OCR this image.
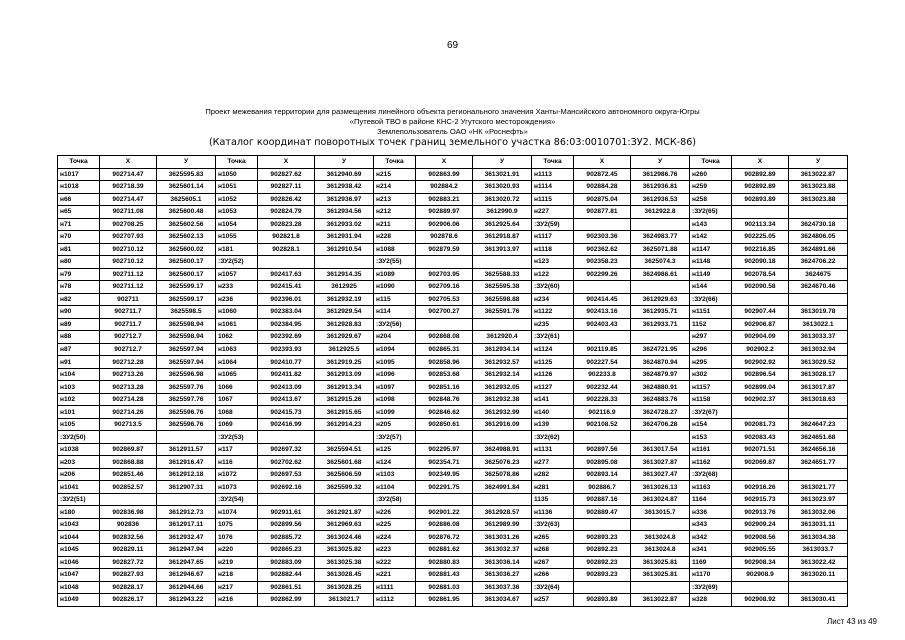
69
Проект межевания территории для размещения линейного объекта регионального значения Ханты-Мансийского автономного округа-Югры
«Путевой ТВО в районе КНС-2 Угутского месторождения»
Землепользователь ОАО «НК «Роснефть»
(Каталог координат поворотных точек границ земельного участка 86:03:0010701:ЗУ2. МСК-86)
Точка	X	У	Точка	X	У	Точка	X	У	Точка	X	У	Точка	X	У
н1017	902714.47	3625595.83	н1050	902827.62	3612940.69	н215	902863.99	3613021.91	н1113	902872.45	3612986.76	н260	902892.89	3613022.87
н1018	902718.39	3625601.14	н1051	902827.11	3612938.42	н214	902884.2	3613020.93	н1114	902884.28	3612936.81	н259	902892.89	3613023.88
н66	902714.47	3625605.1	н1052	902826.42	3612936.97	н213	902883.21	3613020.72	н1115	902875.04	3612936.53	н258	902893.89	3613023.88
н65	902711.08	3625600.48	н1053	902824.79	3612934.56	н212	902889.97	3612990.9	н227	902877.81	3612922.8	:ЗУ2(65)		
н71	902708.25	3625602.56	н1054	902823.28	3612933.02	н211	902906.06	3612925.64	:ЗУ2(59)			н143	902113.34	3624730.18
н70	902707.93	3625602.13	н1055	902821.8	3612931.94	н228	902878.6	3612918.87	н1117	902303.36	3624983.77	н142	902225.05	3624806.05
н81	902710.12	3625600.02	н181	902828.1	3612910.54	н1088	902879.59	3613913.97	н1118	902362.62	3625071.88	н1147	902216.85	3624891.66
н80	902710.12	3625600.17	:ЗУ2(52)			:ЗУ2(55)			н123	902358.23	3625074.3	н1148	902090.18	3624706.22
н79	902711.12	3625600.17	н1057	902417.63	3612914.35	н1089	902703.95	3625588.33	н122	902299.26	3624986.61	н1149	902078.54	3624675
н78	902711.12	3625599.17	н233	902415.41	3612925	н1090	902709.16	3625595.38	:ЗУ2(60)			н144	902090.58	3624670.46
н82	902711	3625599.17	н236	902396.01	3612932.19	н115	902705.53	3625598.88	н234	902414.45	3612929.63	:ЗУ2(66)		
н90	902711.7	3625598.5	н1060	902383.04	3612929.54	н114	902700.27	3625591.76	н1122	902413.16	3612935.71	н1151	902907.44	3613019.78
н89	902711.7	3625598.94	н1061	902384.95	3612928.83	:ЗУ2(56)			н235	902403.43	3612933.71	1152	902906.87	3613022.1
н88	902712.7	3625598.94	1062	902392.69	3612929.67	н204	902868.08	3612920.4	:ЗУ2(61)			н297	902904.09	3613033.37
н87	902712.7	3625597.94	н1063	902393.93	3612925.5	н1094	902865.31	3612934.14	н1124	902119.85	3624721.95	н296	902902.2	3613032.94
н91	902712.28	3625597.94	н1064	902410.77	3612919.25	н1095	902858.96	3612932.57	н1125	902227.54	3624870.94	н295	902902.92	3613029.52
н104	902713.26	3625596.98	н1065	902411.82	3612913.09	н1096	902853.68	3612932.14	н1126	902233.8	3624879.97	н302	902896.54	3613028.17
н103	902713.28	3625597.76	1066	902413.09	3612913.34	н1097	902851.16	3612932.05	н1127	902232.44	3624880.91	н1157	902899.04	3613017.87
н102	902714.28	3625597.76	1067	902413.67	3612915.26	н1098	902848.76	3612932.38	н141	902228.33	3624883.76	н1158	902902.37	3613018.63
н101	902714.26	3625596.76	1068	902415.73	3612915.65	н1099	902846.62	3612932.99	н140	902116.9	3624728.27	:ЗУ2(67)		
н105	902713.5	3625596.76	1069	902416.99	3612914.23	н205	902850.61	3612916.09	н139	902108.52	3624706.28	н154	902081.73	3624647.23
:ЗУ2(50)			:ЗУ2(53)			:ЗУ2(57)			:ЗУ2(62)			н153	902083.43	3624651.68
н1038	902869.87	3612911.57	н117	902697.32	3625594.51	н125	902295.97	3624988.91	н1131	902897.56	3613017.54	н1161	902071.51	3624656.16
н203	902868.88	3612916.47	н116	902702.62	3625601.68	н124	902354.71	3625076.23	н277	902895.08	3613027.87	н1162	902069.87	3624651.77
н206	902851.46	3612912.18	н1072	902697.53	3625606.59	н1103	902349.95	3625078.86	н282	902893.14	3613027.47	:ЗУ2(68)		
н1041	902852.57	3612907.31	н1073	902692.16	3625599.32	н1104	902291.75	3624991.84	н281	902886.7	3613026.13	н1163	902916.26	3613021.77
:ЗУ2(51)			:ЗУ2(54)			:ЗУ2(58)			1135	902887.16	3613024.87	1164	902915.73	3613023.97
н180	902836.98	3612912.73	н1074	902911.61	3612921.87	н226	902901.22	3612928.57	н1136	902889.47	3613015.7	н336	902913.76	3613032.06
н1043	902836	3612917.11	1075	902899.56	3612969.63	н225	902886.08	3612989.99	:ЗУ2(63)			н343	902909.24	3613031.11
н1044	902832.56	3612932.47	1076	902885.72	3613024.46	н224	902876.72	3613031.26	н265	902893.23	3613024.8	н342	902908.56	3613034.38
н1045	902829.11	3612947.94	н220	902865.23	3613025.82	н223	902881.62	3613032.37	н268	902892.23	3613024.8	н341	902905.55	3613033.7
н1046	902827.72	3612947.65	н219	902883.09	3613025.38	н222	902880.83	3613036.14	н267	902892.23	3613025.81	1169	902908.34	3613022.42
н1047	902827.93	3612946.67	н218	902882.44	3613028.45	н221	902881.43	3613036.27	н266	902893.23	3613025.81	н1170	902908.9	3613020.11
н1048	902828.17	3612944.66	н217	902861.51	3613028.25	н1111	902881.03	3613037.36	:ЗУ2(64)			:ЗУ2(69)		
н1049	902826.17	3612943.22	н216	902862.99	3613021.7	н1112	902861.95	3613034.67	н257	902893.89	3613022.87	н328	902908.92	3613030.41
Лист 43 из 49
